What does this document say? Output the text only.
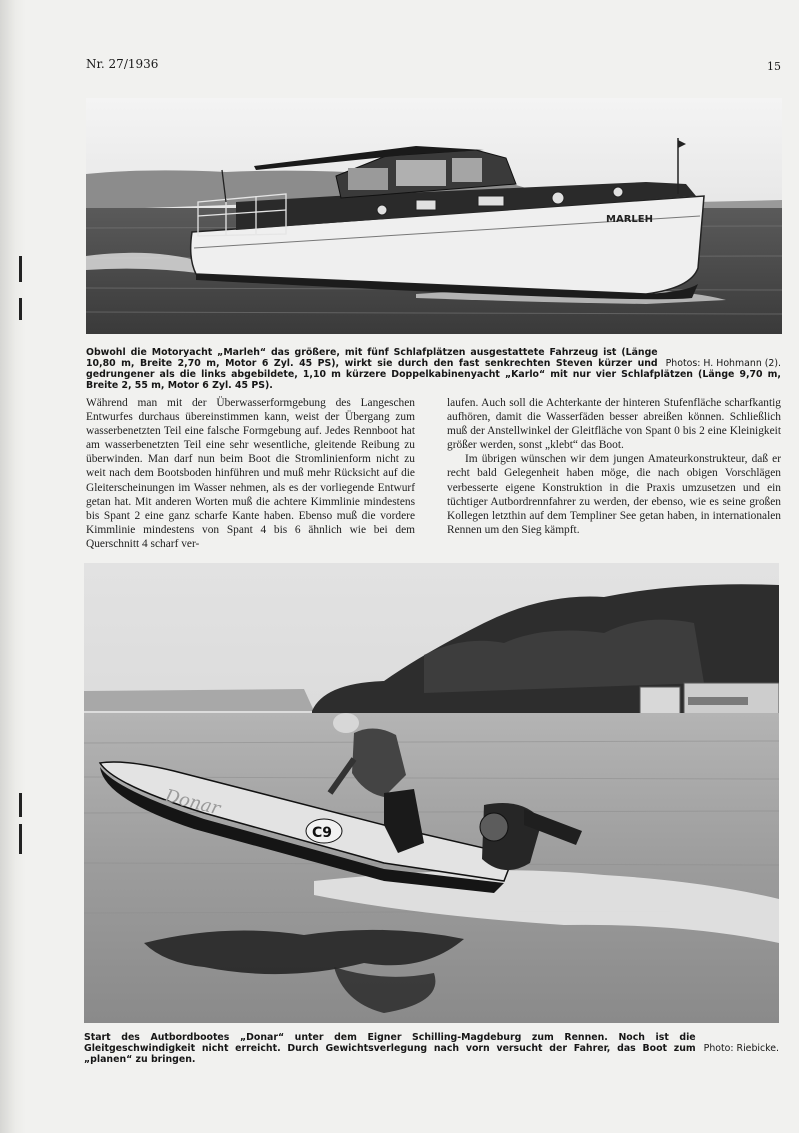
Nr. 27/1936	15
MARLEH
Photos: H. Hohmann (2).
Obwohl die Motoryacht „Marleh“ das größere, mit fünf Schlafplätzen ausgestattete Fahrzeug ist (Länge 10,80 m, Breite 2,70 m, Motor 6 Zyl. 45 PS), wirkt sie durch den fast senkrechten Steven kürzer und gedrungener als die links abgebildete, 1,10 m kürzere Doppelkabinenyacht „Karlo“ mit nur vier Schlafplätzen (Länge 9,70 m, Breite 2, 55 m, Motor 6 Zyl. 45 PS).

Während man mit der Überwasserformgebung des Langeschen Entwurfes durchaus übereinstimmen kann, weist der Übergang zum wasserbenetzten Teil eine falsche Formgebung auf. Jedes Rennboot hat am wasserbenetzten Teil eine sehr wesentliche, gleitende Reibung zu überwinden. Man darf nun beim Boot die Stromlinienform nicht zu weit nach dem Bootsboden hinführen und muß mehr Rücksicht auf die Gleiterscheinungen im Wasser nehmen, als es der vorliegende Entwurf getan hat. Mit anderen Worten muß die achtere Kimmlinie mindestens bis Spant 2 eine ganz scharfe Kante haben. Ebenso muß die vordere Kimmlinie mindestens von Spant 4 bis 6 ähnlich wie bei dem Querschnitt 4 scharf ver-

laufen. Auch soll die Achterkante der hinteren Stufenfläche scharfkantig aufhören, damit die Wasserfäden besser abreißen können. Schließlich muß der Anstellwinkel der Gleitfläche von Spant 0 bis 2 eine Kleinigkeit größer werden, sonst „klebt“ das Boot.

Im übrigen wünschen wir dem jungen Amateurkonstrukteur, daß er recht bald Gelegenheit haben möge, die nach obigen Vorschlägen verbesserte eigene Konstruktion in die Praxis umzusetzen und ein tüchtiger Autbordrennfahrer zu werden, der ebenso, wie es seine großen Kollegen letzthin auf dem Templiner See getan haben, in internationalen Rennen um den Sieg kämpft.

Donar
C9
Photo: Riebicke.
Start des Autbordbootes „Donar“ unter dem Eigner Schilling-Magdeburg zum Rennen. Noch ist die Gleitgeschwindigkeit nicht erreicht. Durch Gewichtsverlegung nach vorn versucht der Fahrer, das Boot zum „planen“ zu bringen.
